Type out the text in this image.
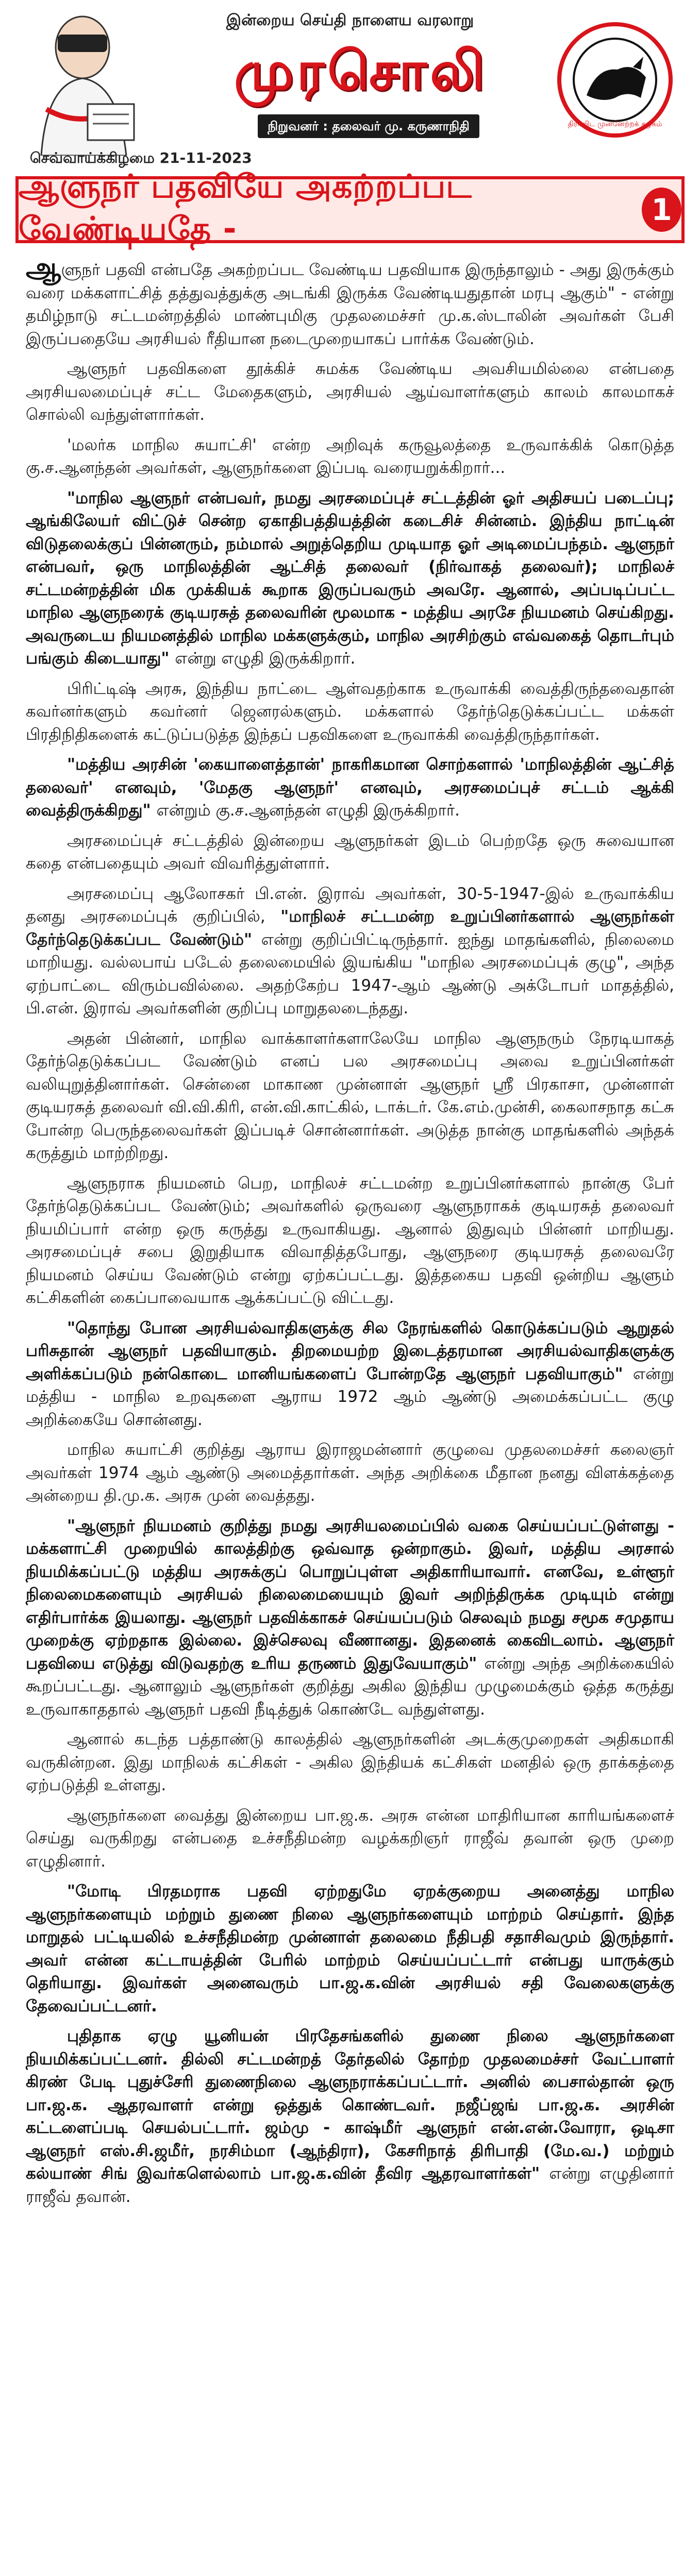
இன்றைய செய்தி நாளைய வரலாறு
முரசொலி
நிறுவனர் : தலைவர் மு. கருணாநிதி	திராவிட முன்னேற்றக் கழகம்
செவ்வாய்க்கிழமை 21-11-2023
ஆளுநர் பதவியே அகற்றப்பட வேண்டியதே -	1

ஆளுநர் பதவி என்பதே அகற்றப்பட வேண்டிய பதவியாக இருந்தாலும் - அது இருக்கும் வரை மக்களாட்சித் தத்துவத்துக்கு அடங்கி இருக்க வேண்டியதுதான் மரபு ஆகும்" - என்று தமிழ்நாடு சட்டமன்றத்தில் மாண்புமிகு முதலமைச்சர் மு.க.ஸ்டாலின் அவர்கள் பேசி இருப்பதையே அரசியல் ரீதியான நடைமுறையாகப் பார்க்க வேண்டும்.

ஆளுநர் பதவிகளை தூக்கிச் சுமக்க வேண்டிய அவசியமில்லை என்பதை அரசியலமைப்புச் சட்ட மேதைகளும், அரசியல் ஆய்வாளர்களும் காலம் காலமாகச் சொல்லி வந்துள்ளார்கள்.

'மலர்க மாநில சுயாட்சி' என்ற அறிவுக் கருவூலத்தை உருவாக்கிக் கொடுத்த கு.ச.ஆனந்தன் அவர்கள், ஆளுநர்களை இப்படி வரையறுக்கிறார்...

"மாநில ஆளுநர் என்பவர், நமது அரசமைப்புச் சட்டத்தின் ஓர் அதிசயப் படைப்பு; ஆங்கிலேயர் விட்டுச் சென்ற ஏகாதிபத்தியத்தின் கடைசிச் சின்னம். இந்திய நாட்டின் விடுதலைக்குப் பின்னரும், நம்மால் அறுத்தெறிய முடியாத ஓர் அடிமைப்பந்தம். ஆளுநர் என்பவர், ஒரு மாநிலத்தின் ஆட்சித் தலைவர் (நிர்வாகத் தலைவர்); மாநிலச் சட்டமன்றத்தின் மிக முக்கியக் கூறாக இருப்பவரும் அவரே. ஆனால், அப்படிப்பட்ட மாநில ஆளுநரைக் குடியரசுத் தலைவரின் மூலமாக - மத்திய அரசே நியமனம் செய்கிறது. அவருடைய நியமனத்தில் மாநில மக்களுக்கும், மாநில அரசிற்கும் எவ்வகைத் தொடர்பும் பங்கும் கிடையாது" என்று எழுதி இருக்கிறார்.

பிரிட்டிஷ் அரசு, இந்திய நாட்டை ஆள்வதற்காக உருவாக்கி வைத்திருந்தவைதான் கவர்னர்களும் கவர்னர் ஜெனரல்களும். மக்களால் தேர்ந்தெடுக்கப்பட்ட மக்கள் பிரதிநிதிகளைக் கட்டுப்படுத்த இந்தப் பதவிகளை உருவாக்கி வைத்திருந்தார்கள்.

"மத்திய அரசின் 'கையாளைத்தான்' நாகரிகமான சொற்களால் 'மாநிலத்தின் ஆட்சித் தலைவர்' எனவும், 'மேதகு ஆளுநர்' எனவும், அரசமைப்புச் சட்டம் ஆக்கி வைத்திருக்கிறது" என்றும் கு.ச.ஆனந்தன் எழுதி இருக்கிறார்.

அரசமைப்புச் சட்டத்தில் இன்றைய ஆளுநர்கள் இடம் பெற்றதே ஒரு சுவையான கதை என்பதையும் அவர் விவரித்துள்ளார்.

அரசமைப்பு ஆலோசகர் பி.என். இராவ் அவர்கள், 30-5-1947-இல் உருவாக்கிய தனது அரசமைப்புக் குறிப்பில், "மாநிலச் சட்டமன்ற உறுப்பினர்களால் ஆளுநர்கள் தேர்ந்தெடுக்கப்பட வேண்டும்" என்று குறிப்பிட்டிருந்தார். ஐந்து மாதங்களில், நிலைமை மாறியது. வல்லபாய் படேல் தலைமையில் இயங்கிய "மாநில அரசமைப்புக் குழு", அந்த ஏற்பாட்டை விரும்பவில்லை. அதற்கேற்ப 1947-ஆம் ஆண்டு அக்டோபர் மாதத்தில், பி.என். இராவ் அவர்களின் குறிப்பு மாறுதலடைந்தது.

அதன் பின்னர், மாநில வாக்காளர்களாலேயே மாநில ஆளுநரும் நேரடியாகத் தேர்ந்தெடுக்கப்பட வேண்டும் எனப் பல அரசமைப்பு அவை உறுப்பினர்கள் வலியுறுத்தினார்கள். சென்னை மாகாண முன்னாள் ஆளுநர் ஸ்ரீ பிரகாசா, முன்னாள் குடியரசுத் தலைவர் வி.வி.கிரி, என்.வி.காட்கில், டாக்டர். கே.எம்.முன்சி, கைலாசநாத கட்சு போன்ற பெருந்தலைவர்கள் இப்படிச் சொன்னார்கள். அடுத்த நான்கு மாதங்களில் அந்தக் கருத்தும் மாற்றிறது.

ஆளுநராக நியமனம் பெற, மாநிலச் சட்டமன்ற உறுப்பினர்களால் நான்கு பேர் தேர்ந்தெடுக்கப்பட வேண்டும்; அவர்களில் ஒருவரை ஆளுநராகக் குடியரசுத் தலைவர் நியமிப்பார் என்ற ஒரு கருத்து உருவாகியது. ஆனால் இதுவும் பின்னர் மாறியது. அரசமைப்புச் சபை இறுதியாக விவாதித்தபோது, ஆளுநரை குடியரசுத் தலைவரே நியமனம் செய்ய வேண்டும் என்று ஏற்கப்பட்டது. இத்தகைய பதவி ஒன்றிய ஆளும் கட்சிகளின் கைப்பாவையாக ஆக்கப்பட்டு விட்டது.

"தொந்து போன அரசியல்வாதிகளுக்கு சில நேரங்களில் கொடுக்கப்படும் ஆறுதல் பரிசுதான் ஆளுநர் பதவியாகும். திறமையற்ற இடைத்தரமான அரசியல்வாதிகளுக்கு அளிக்கப்படும் நன்கொடை மானியங்களைப் போன்றதே ஆளுநர் பதவியாகும்" என்று மத்திய - மாநில உறவுகளை ஆராய 1972 ஆம் ஆண்டு அமைக்கப்பட்ட குழு அறிக்கையே சொன்னது.

மாநில சுயாட்சி குறித்து ஆராய இராஜமன்னார் குழுவை முதலமைச்சர் கலைஞர் அவர்கள் 1974 ஆம் ஆண்டு அமைத்தார்கள். அந்த அறிக்கை மீதான நனது விளக்கத்தை அன்றைய தி.மு.க. அரசு முன் வைத்தது.

"ஆளுநர் நியமனம் குறித்து நமது அரசியலமைப்பில் வகை செய்யப்பட்டுள்ளது - மக்களாட்சி முறையில் காலத்திற்கு ஒவ்வாத ஒன்றாகும். இவர், மத்திய அரசால் நியமிக்கப்பட்டு மத்திய அரசுக்குப் பொறுப்புள்ள அதிகாரியாவார். எனவே, உள்ளூர் நிலைமைகளையும் அரசியல் நிலைமையையும் இவர் அறிந்திருக்க முடியும் என்று எதிர்பார்க்க இயலாது. ஆளுநர் பதவிக்காகச் செய்யப்படும் செலவும் நமது சமூக சமுதாய முறைக்கு ஏற்றதாக இல்லை. இச்செலவு வீணானது. இதனைக் கைவிடலாம். ஆளுநர் பதவியை எடுத்து விடுவதற்கு உரிய தருணம் இதுவேயாகும்" என்று அந்த அறிக்கையில் கூறப்பட்டது. ஆனாலும் ஆளுநர்கள் குறித்து அகில இந்திய முழுமைக்கும் ஒத்த கருத்து உருவாகாததால் ஆளுநர் பதவி நீடித்துக் கொண்டே வந்துள்ளது.

ஆனால் கடந்த பத்தாண்டு காலத்தில் ஆளுநர்களின் அடக்குமுறைகள் அதிகமாகி வருகின்றன. இது மாநிலக் கட்சிகள் - அகில இந்தியக் கட்சிகள் மனதில் ஒரு தாக்கத்தை ஏற்படுத்தி உள்ளது.

ஆளுநர்களை வைத்து இன்றைய பா.ஜ.க. அரசு என்ன மாதிரியான காரியங்களைச் செய்து வருகிறது என்பதை உச்சநீதிமன்ற வழக்கறிஞர் ராஜீவ் தவான் ஒரு முறை எழுதினார்.

"மோடி பிரதமராக பதவி ஏற்றதுமே ஏறக்குறைய அனைத்து மாநில ஆளுநர்களையும் மற்றும் துணை நிலை ஆளுநர்களையும் மாற்றம் செய்தார். இந்த மாறுதல் பட்டியலில் உச்சநீதிமன்ற முன்னாள் தலைமை நீதிபதி சதாசிவமும் இருந்தார். அவர் என்ன கட்டாயத்தின் பேரில் மாற்றம் செய்யப்பட்டார் என்பது யாருக்கும் தெரியாது. இவர்கள் அனைவரும் பா.ஜ.க.வின் அரசியல் சதி வேலைகளுக்கு தேவைப்பட்டனர்.

புதிதாக ஏழு யூனியன் பிரதேசங்களில் துணை நிலை ஆளுநர்களை நியமிக்கப்பட்டனர். தில்லி சட்டமன்றத் தேர்தலில் தோற்ற முதலமைச்சர் வேட்பாளர் கிரண் பேடி புதுச்சேரி துணைநிலை ஆளுநராக்கப்பட்டார். அனில் பைசால்தான் ஒரு பா.ஜ.க. ஆதரவாளர் என்று ஒத்துக் கொண்டவர். நஜீப்ஜங் பா.ஜ.க. அரசின் கட்டளைப்படி செயல்பட்டார். ஜம்மு - காஷ்மீர் ஆளுநர் என்.என்.வோரா, ஒடிசா ஆளுநர் எஸ்.சி.ஜமீர், நரசிம்மா (ஆந்திரா), கேசரிநாத் திரிபாதி (மே.வ.) மற்றும் கல்யாண் சிங் இவர்களெல்லாம் பா.ஜ.க.வின் தீவிர ஆதரவாளர்கள்" என்று எழுதினார் ராஜீவ் தவான்.
